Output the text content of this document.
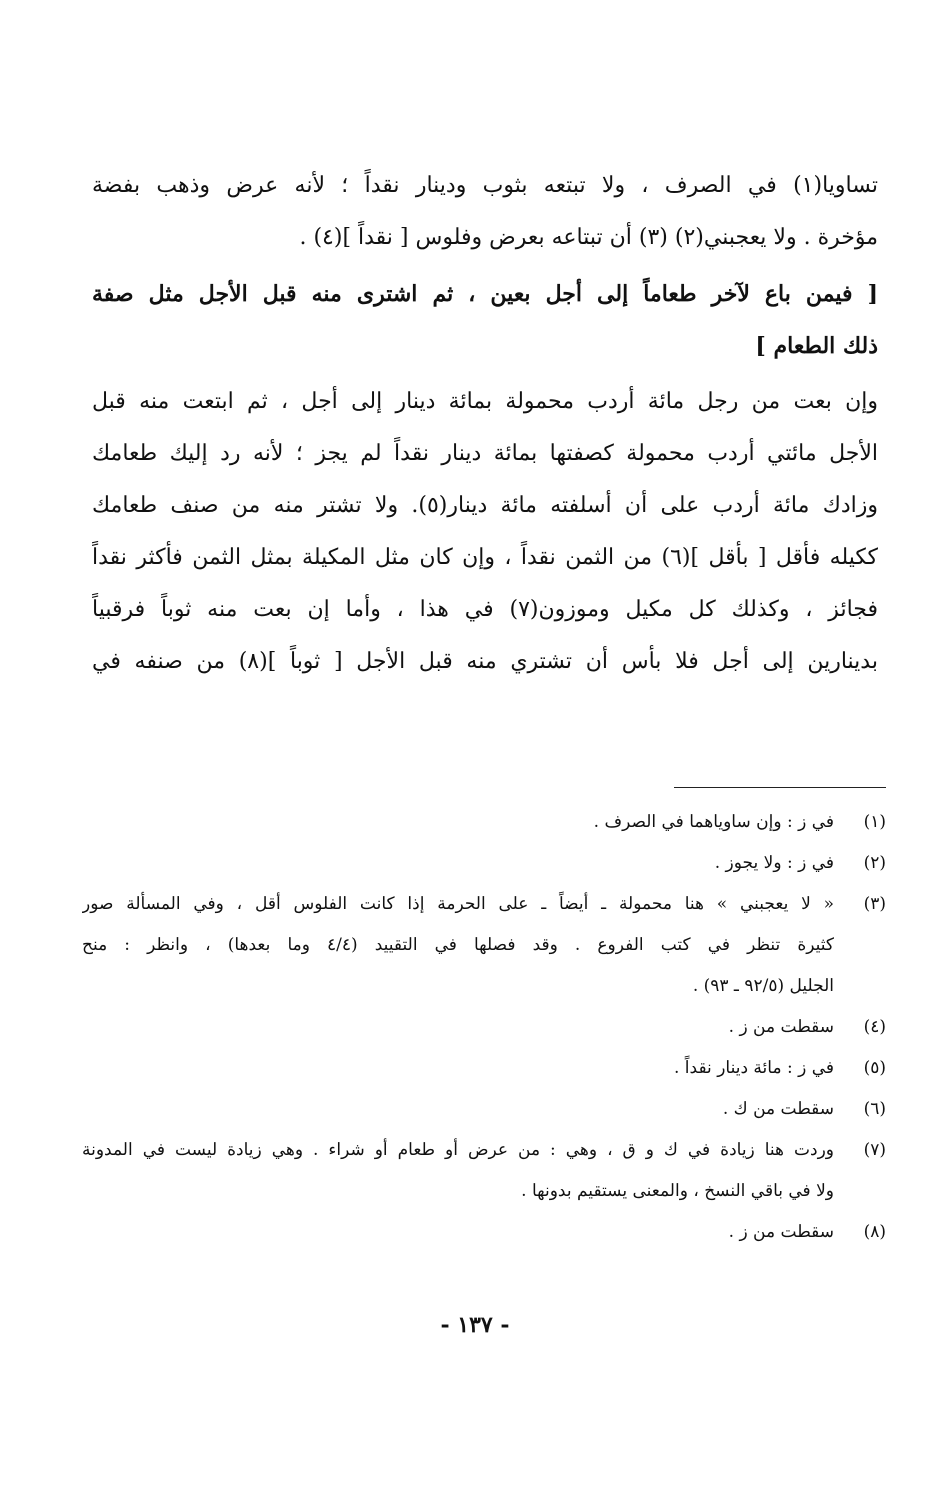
تساويا(١) في الصرف ، ولا تبتعه بثوب ودينار نقداً ؛ لأنه عرض وذهب بفضة
مؤخرة . ولا يعجبني(٢) (٣) أن تبتاعه بعرض وفلوس [ نقداً ](٤) .
[ فيمن باع لآخر طعاماً إلى أجل بعين ، ثم اشترى منه قبل الأجل مثل صفة
ذلك الطعام ]
وإن بعت من رجل مائة أردب محمولة بمائة دينار إلى أجل ، ثم ابتعت منه قبل
الأجل مائتي أردب محمولة كصفتها بمائة دينار نقداً لم يجز ؛ لأنه رد إليك طعامك
وزادك مائة أردب على أن أسلفته مائة دينار(٥). ولا تشتر منه من صنف طعامك
ككيله فأقل [ بأقل ](٦) من الثمن نقداً ، وإن كان مثل المكيلة بمثل الثمن فأكثر نقداً
فجائز ، وكذلك كل مكيل وموزون(٧) في هذا ، وأما إن بعت منه ثوباً فرقبياً
بدينارين إلى أجل فلا بأس أن تشتري منه قبل الأجل [ ثوباً ](٨) من صنفه في
(١)
في ز : وإن ساوياهما في الصرف .
(٢)
في ز : ولا يجوز .
(٣)
« لا يعجبني » هنا محمولة ـ أيضاً ـ على الحرمة إذا كانت الفلوس أقل ، وفي المسألة صور
كثيرة تنظر في كتب الفروع . وقد فصلها في التقييد (٤/٤ وما بعدها) ، وانظر : منح
الجليل (٩٢/٥ ـ ٩٣) .
(٤)
سقطت من ز .
(٥)
في ز : مائة دينار نقداً .
(٦)
سقطت من ك .
(٧)
وردت هنا زيادة في ك و ق ، وهي : من عرض أو طعام أو شراء . وهي زيادة ليست في المدونة
ولا في باقي النسخ ، والمعنى يستقيم بدونها .
(٨)
سقطت من ز .
- ١٣٧ -
